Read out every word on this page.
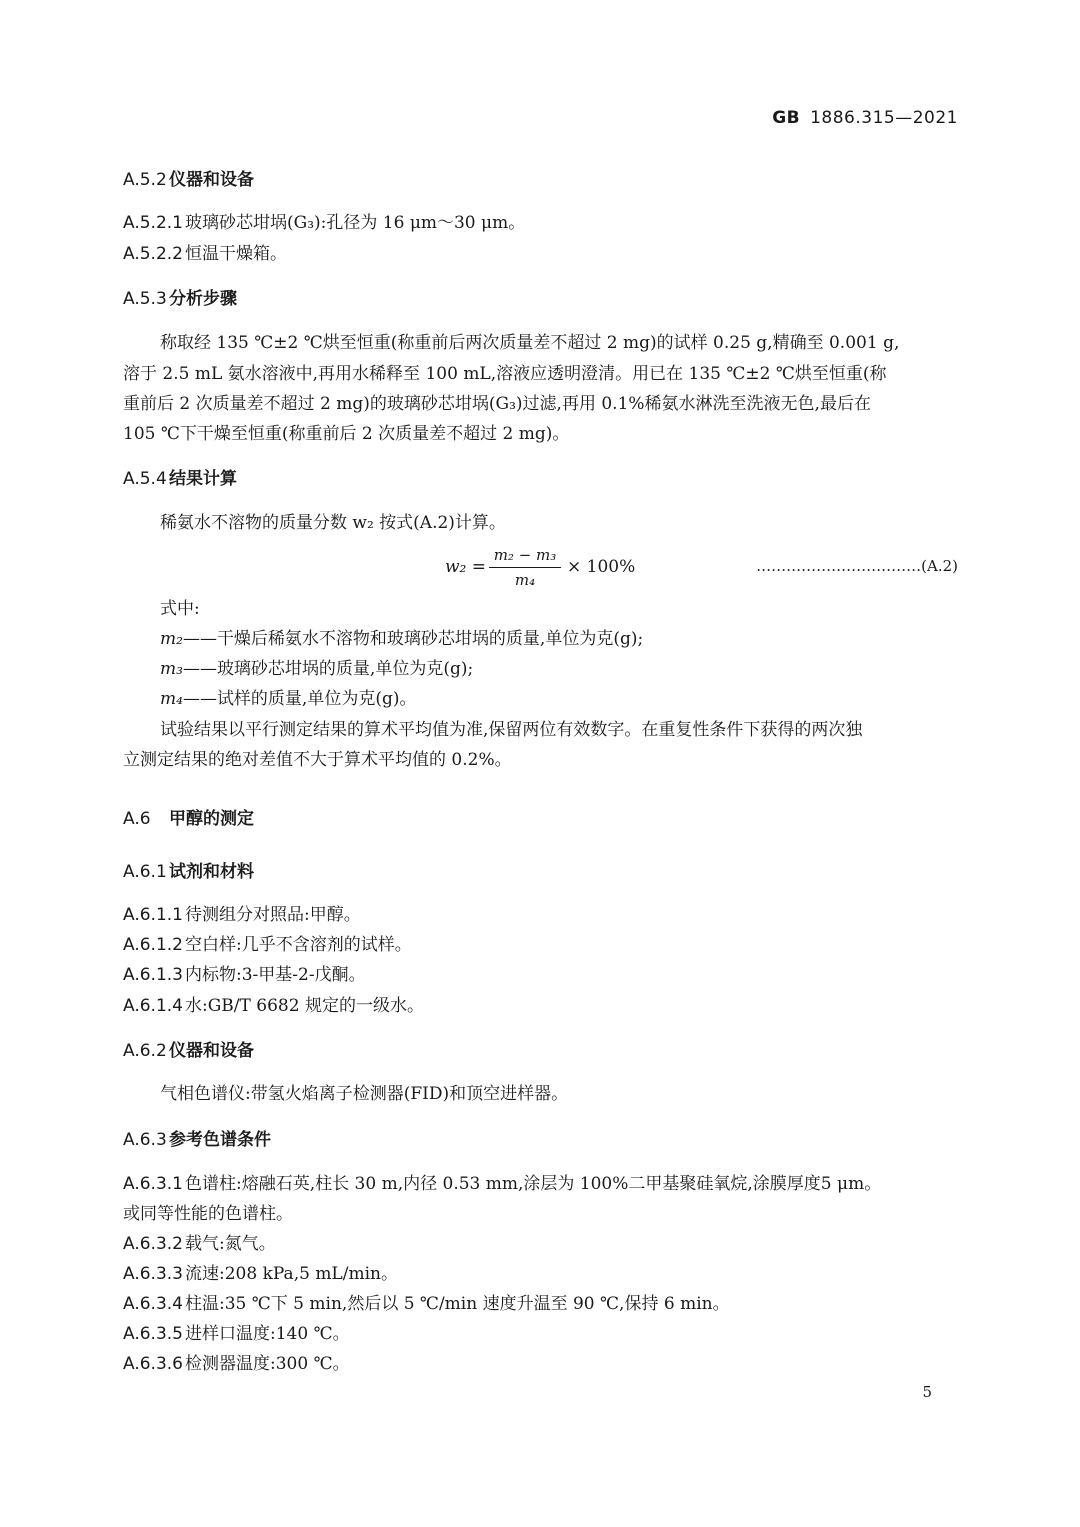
GB 1886.315—2021
A.5.2 仪器和设备
A.5.2.1 玻璃砂芯坩埚(G₃):孔径为 16 μm～30 μm。
A.5.2.2 恒温干燥箱。
A.5.3 分析步骤
称取经 135 ℃±2 ℃烘至恒重(称重前后两次质量差不超过 2 mg)的试样 0.25 g,精确至 0.001 g,
溶于 2.5 mL 氨水溶液中,再用水稀释至 100 mL,溶液应透明澄清。用已在 135 ℃±2 ℃烘至恒重(称
重前后 2 次质量差不超过 2 mg)的玻璃砂芯坩埚(G₃)过滤,再用 0.1%稀氨水淋洗至洗液无色,最后在
105 ℃下干燥至恒重(称重前后 2 次质量差不超过 2 mg)。
A.5.4 结果计算
稀氨水不溶物的质量分数 w₂ 按式(A.2)计算。
w₂ =
m₂ − m₃
m₄
× 100%	……………………………(A.2)
式中:
m₂——干燥后稀氨水不溶物和玻璃砂芯坩埚的质量,单位为克(g);
m₃——玻璃砂芯坩埚的质量,单位为克(g);
m₄——试样的质量,单位为克(g)。
试验结果以平行测定结果的算术平均值为准,保留两位有效数字。在重复性条件下获得的两次独
立测定结果的绝对差值不大于算术平均值的 0.2%。
A.6 甲醇的测定
A.6.1 试剂和材料
A.6.1.1 待测组分对照品:甲醇。
A.6.1.2 空白样:几乎不含溶剂的试样。
A.6.1.3 内标物:3-甲基-2-戊酮。
A.6.1.4 水:GB/T 6682 规定的一级水。
A.6.2 仪器和设备
气相色谱仪:带氢火焰离子检测器(FID)和顶空进样器。
A.6.3 参考色谱条件
A.6.3.1 色谱柱:熔融石英,柱长 30 m,内径 0.53 mm,涂层为 100%二甲基聚硅氧烷,涂膜厚度5 μm。
或同等性能的色谱柱。
A.6.3.2 载气:氮气。
A.6.3.3 流速:208 kPa,5 mL/min。
A.6.3.4 柱温:35 ℃下 5 min,然后以 5 ℃/min 速度升温至 90 ℃,保持 6 min。
A.6.3.5 进样口温度:140 ℃。
A.6.3.6 检测器温度:300 ℃。
5
